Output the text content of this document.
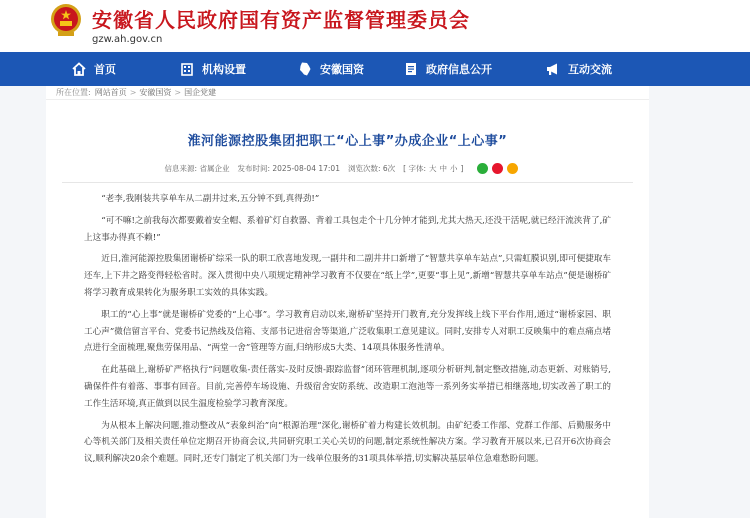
安徽省人民政府国有资产监督管理委员会
gzw.ah.gov.cn
首页	机构设置	安徽国资	政府信息公开	互动交流
所在位置: 网站首页 > 安徽国资 > 国企党建
淮河能源控股集团把职工“心上事”办成企业“上心事”
信息来源: 省属企业 发布时间: 2025-08-04 17:01 浏览次数: 6次 [ 字体: 大 中 小 ]

“老李,我刚装共享单车从二副井过来,五分钟不到,真得劲!”

“可不嘛!之前我每次都要戴着安全帽、系着矿灯自救器、背着工具包走个十几分钟才能到,尤其大热天,还没干活呢,就已经汗流浃背了,矿上这事办得真不赖!”

近日,淮河能源控股集团谢桥矿综采一队的职工欣喜地发现,一副井和二副井井口新增了“智慧共享单车站点”,只需虹膜识别,即可便捷取车还车,上下井之路变得轻松省时。深入贯彻中央八项规定精神学习教育不仅要在“纸上学”,更要“事上见”,新增“智慧共享单车站点”便是谢桥矿将学习教育成果转化为服务职工实效的具体实践。

职工的“心上事”就是谢桥矿党委的“上心事”。学习教育启动以来,谢桥矿坚持开门教育,充分发挥线上线下平台作用,通过“谢桥家园、职工心声”微信留言平台、党委书记热线及信箱、支部书记进宿舍等渠道,广泛收集职工意见建议。同时,安排专人对职工反映集中的难点痛点堵点进行全面梳理,聚焦劳保用品、“两堂一舍”管理等方面,归纳形成5大类、14项具体服务性清单。

在此基础上,谢桥矿严格执行“问题收集-责任落实-及时反馈-跟踪监督”闭环管理机制,逐项分析研判,制定整改措施,动态更新、对账销号,确保件件有着落、事事有回音。目前,完善停车场设施、升级宿舍安防系统、改造职工泡池等一系列务实举措已相继落地,切实改善了职工的工作生活环境,真正做到以民生温度检验学习教育深度。

为从根本上解决问题,推动整改从“表象纠治”向“根源治理”深化,谢桥矿着力构建长效机制。由矿纪委工作部、党群工作部、后勤服务中心等机关部门及相关责任单位定期召开协商会议,共同研究职工关心关切的问题,制定系统性解决方案。学习教育开展以来,已召开6次协商会议,顺利解决20余个难题。同时,还专门制定了机关部门为一线单位服务的31项具体举措,切实解决基层单位急难愁盼问题。
